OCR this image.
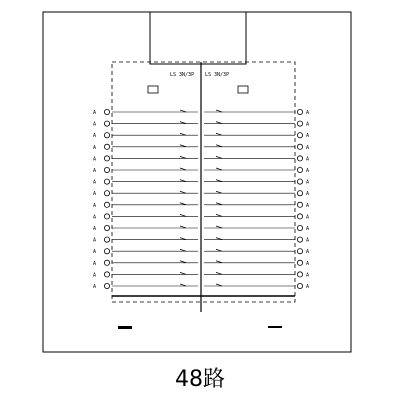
LS 3N/3P LS 3N/3P
A	A
A	A
A	A
A	A
A	A
A	A
A	A
A	A
A	A
A	A
A	A
A	A
A	A
A	A
A	A
A	A
48路
